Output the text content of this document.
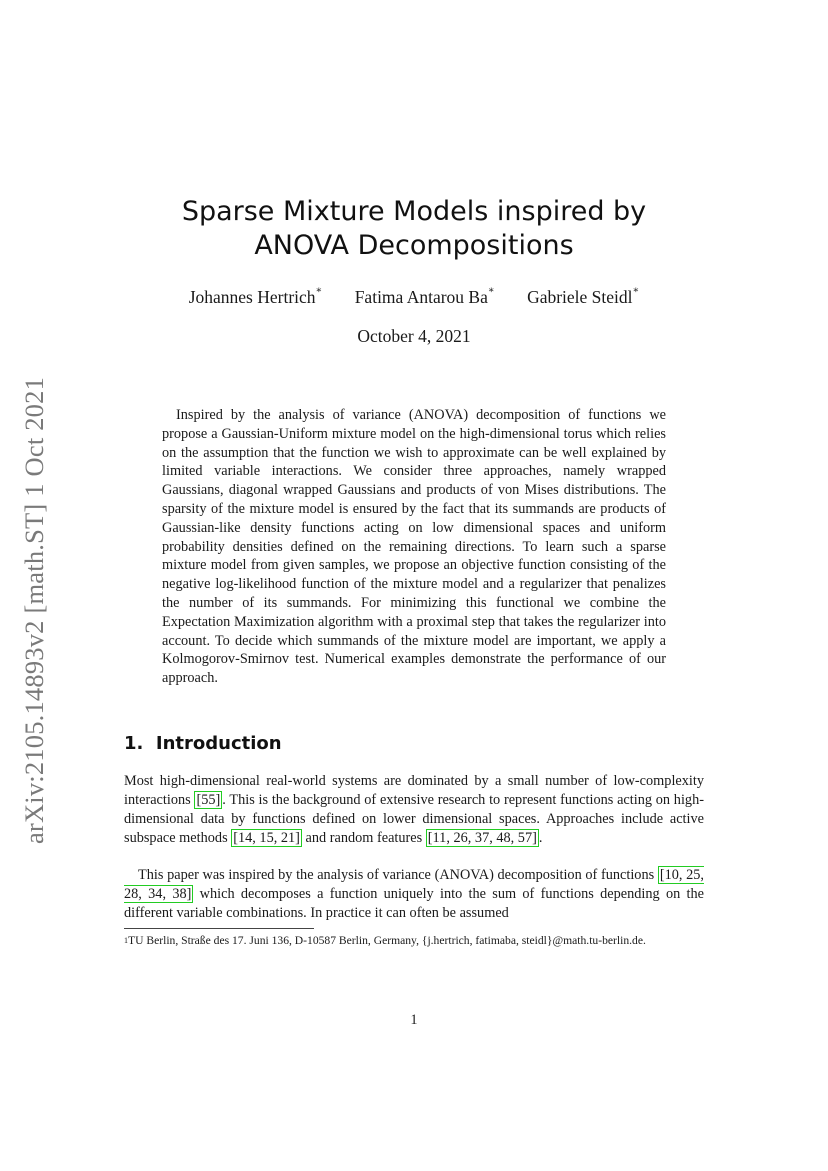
arXiv:2105.14893v2 [math.ST] 1 Oct 2021
Sparse Mixture Models inspired by
ANOVA Decompositions
Johannes Hertrich∗ Fatima Antarou Ba∗ Gabriele Steidl∗
October 4, 2021

Inspired by the analysis of variance (ANOVA) decomposition of functions we propose a Gaussian-Uniform mixture model on the high-dimensional torus which relies on the assumption that the function we wish to approximate can be well explained by limited variable interactions. We consider three approaches, namely wrapped Gaussians, diagonal wrapped Gaussians and products of von Mises distributions. The sparsity of the mixture model is ensured by the fact that its summands are products of Gaussian-like density functions acting on low dimensional spaces and uniform probability densities defined on the remaining directions. To learn such a sparse mixture model from given samples, we propose an objective function consisting of the negative log-likelihood function of the mixture model and a regularizer that penalizes the number of its summands. For minimizing this functional we combine the Expectation Maximization algorithm with a proximal step that takes the regularizer into account. To decide which summands of the mixture model are important, we apply a Kolmogorov-Smirnov test. Numerical examples demonstrate the performance of our approach.

1. Introduction

Most high-dimensional real-world systems are dominated by a small number of low-complexity interactions [55] . This is the background of extensive research to represent functions acting on high-dimensional data by functions defined on lower dimensional spaces. Approaches include active subspace methods [14, 15, 21] and random features [11, 26, 37, 48, 57] .

This paper was inspired by the analysis of variance (ANOVA) decomposition of functions [10, 25, 28, 34, 38] which decomposes a function uniquely into the sum of functions depending on the different variable combinations. In practice it can often be assumed

$^1$TU Berlin, Straße des 17. Juni 136, D-10587 Berlin, Germany, {j.hertrich, fatimaba, steidl}@math.tu-berlin.de.

1
